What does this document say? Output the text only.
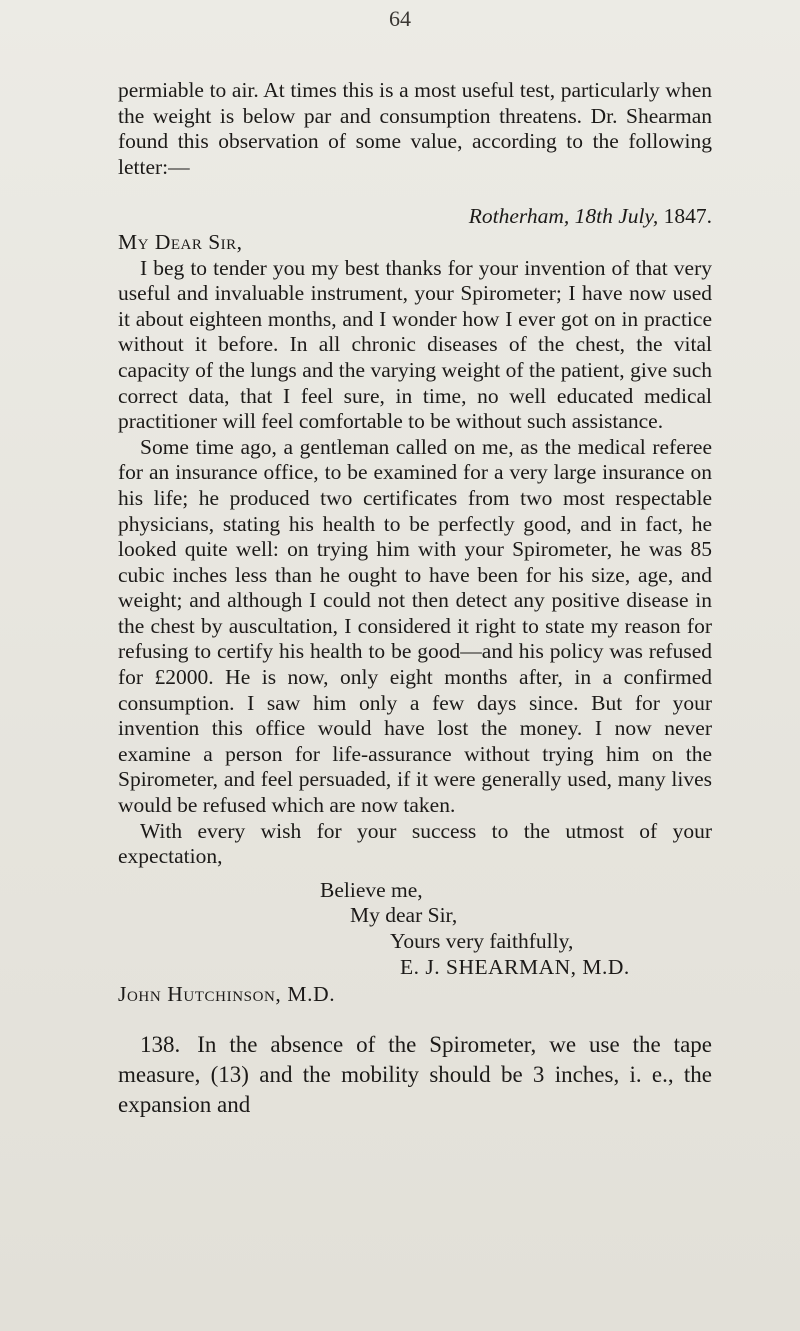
64

permiable to air. At times this is a most useful test, particularly when the weight is below par and consumption threatens. Dr. Shearman found this observation of some value, according to the following letter:—

Rotherham, 18th July, 1847.

My Dear Sir,

I beg to tender you my best thanks for your invention of that very useful and invaluable instrument, your Spirometer; I have now used it about eighteen months, and I wonder how I ever got on in practice without it before. In all chronic diseases of the chest, the vital capacity of the lungs and the varying weight of the patient, give such correct data, that I feel sure, in time, no well educated medical practitioner will feel comfortable to be without such assistance.

Some time ago, a gentleman called on me, as the medical referee for an insurance office, to be examined for a very large insurance on his life; he produced two certificates from two most respectable physicians, stating his health to be perfectly good, and in fact, he looked quite well: on trying him with your Spirometer, he was 85 cubic inches less than he ought to have been for his size, age, and weight; and although I could not then detect any positive disease in the chest by auscultation, I considered it right to state my reason for refusing to certify his health to be good—and his policy was refused for £2000. He is now, only eight months after, in a confirmed consumption. I saw him only a few days since. But for your invention this office would have lost the money. I now never examine a person for life-assurance without trying him on the Spirometer, and feel persuaded, if it were generally used, many lives would be refused which are now taken.

With every wish for your success to the utmost of your expectation,

Believe me,

My dear Sir,

Yours very faithfully,

E. J. SHEARMAN, M.D.

John Hutchinson, M.D.

138. In the absence of the Spirometer, we use the tape measure, (13) and the mobility should be 3 inches, i. e., the expansion and
